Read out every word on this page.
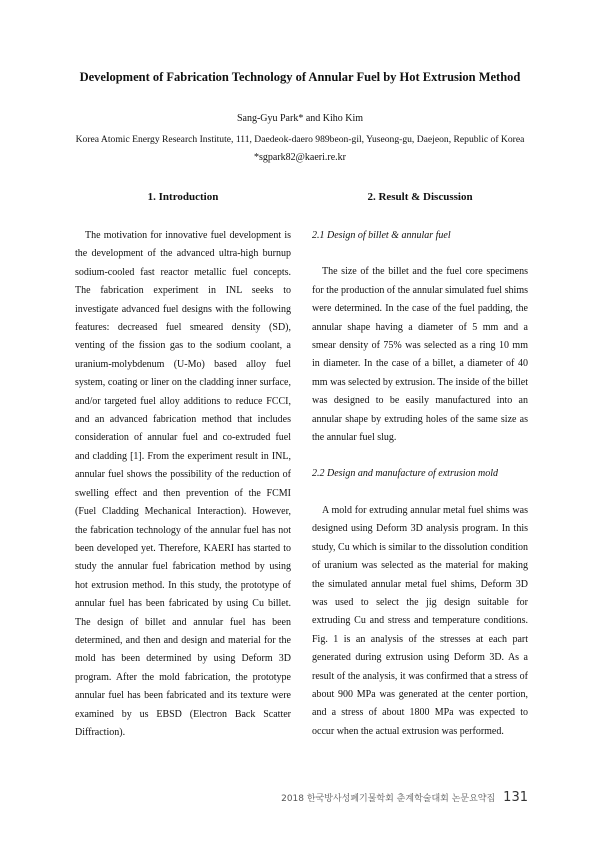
Development of Fabrication Technology of Annular Fuel by Hot Extrusion Method
Sang-Gyu Park* and Kiho Kim
Korea Atomic Energy Research Institute, 111, Daedeok-daero 989beon-gil, Yuseong-gu, Daejeon, Republic of Korea
*sgpark82@kaeri.re.kr
1. Introduction

The motivation for innovative fuel development is the development of the advanced ultra-high burnup sodium-cooled fast reactor metallic fuel concepts. The fabrication experiment in INL seeks to investigate advanced fuel designs with the following features: decreased fuel smeared density (SD), venting of the fission gas to the sodium coolant, a uranium-molybdenum (U-Mo) based alloy fuel system, coating or liner on the cladding inner surface, and/or targeted fuel alloy additions to reduce FCCI, and an advanced fabrication method that includes consideration of annular fuel and co-extruded fuel and cladding [1]. From the experiment result in INL, annular fuel shows the possibility of the reduction of swelling effect and then prevention of the FCMI (Fuel Cladding Mechanical Interaction). However, the fabrication technology of the annular fuel has not been developed yet. Therefore, KAERI has started to study the annular fuel fabrication method by using hot extrusion method. In this study, the prototype of annular fuel has been fabricated by using Cu billet. The design of billet and annular fuel has been determined, and then and design and material for the mold has been determined by using Deform 3D program. After the mold fabrication, the prototype annular fuel has been fabricated and its texture were examined by us EBSD (Electron Back Scatter Diffraction).

2. Result & Discussion

2.1 Design of billet & annular fuel

The size of the billet and the fuel core specimens for the production of the annular simulated fuel shims were determined. In the case of the fuel padding, the annular shape having a diameter of 5 mm and a smear density of 75% was selected as a ring 10 mm in diameter. In the case of a billet, a diameter of 40 mm was selected by extrusion. The inside of the billet was designed to be easily manufactured into an annular shape by extruding holes of the same size as the annular fuel slug.

2.2 Design and manufacture of extrusion mold

A mold for extruding annular metal fuel shims was designed using Deform 3D analysis program. In this study, Cu which is similar to the dissolution condition of uranium was selected as the material for making the simulated annular metal fuel shims, Deform 3D was used to select the jig design suitable for extruding Cu and stress and temperature conditions. Fig. 1 is an analysis of the stresses at each part generated during extrusion using Deform 3D. As a result of the analysis, it was confirmed that a stress of about 900 MPa was generated at the center portion, and a stress of about 1800 MPa was expected to occur when the actual extrusion was performed.

2018 한국방사성폐기물학회 춘계학술대회 논문요약집 131
